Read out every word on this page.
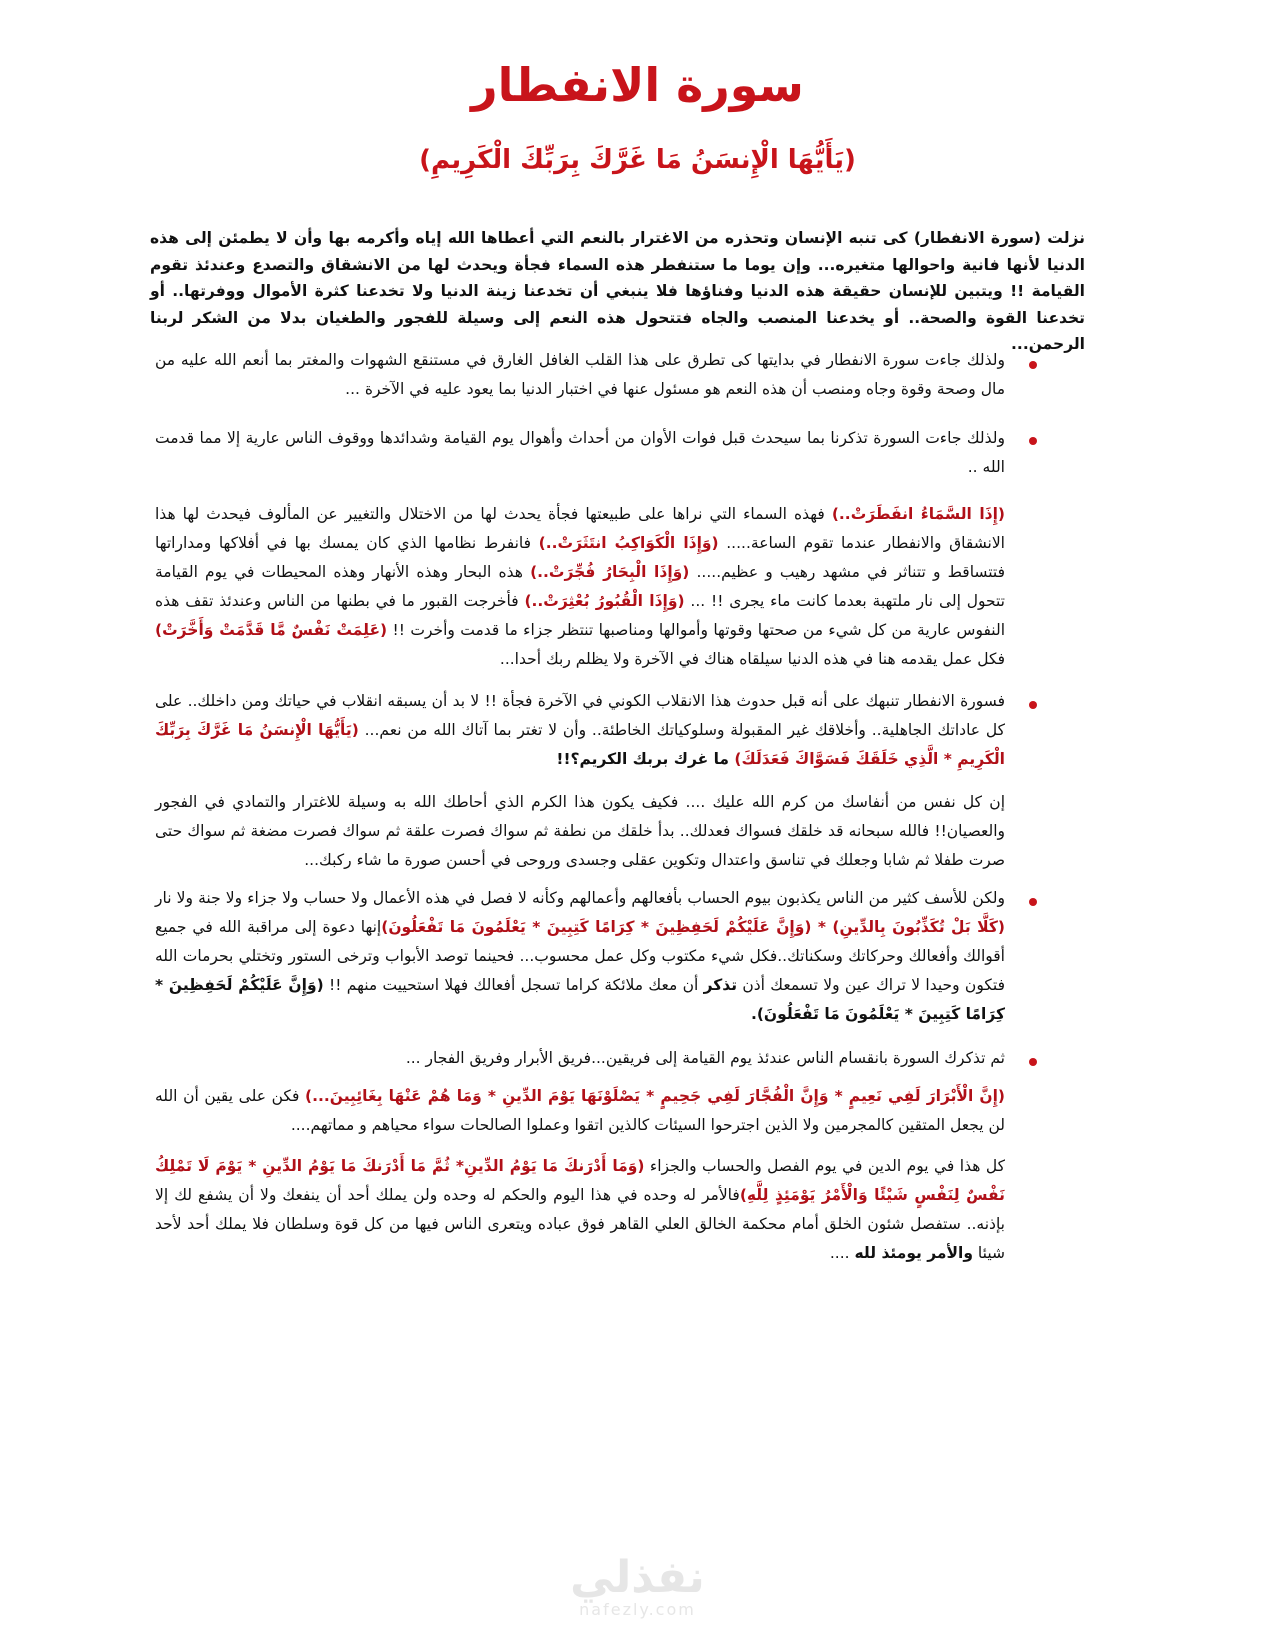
سورة الانفطار
(يَأَيُّهَا الْإِنسَنُ مَا غَرَّكَ بِرَبِّكَ الْكَرِيمِ)

نزلت (سورة الانفطار) كى تنبه الإنسان وتحذره من الاغترار بالنعم التي أعطاها الله إياه وأكرمه بها وأن لا يطمئن إلى هذه الدنيا لأنها فانية واحوالها متغيره... وإن يوما ما ستنفطر هذه السماء فجأة ويحدث لها من الانشقاق والتصدع وعندئذ تقوم القيامة !! ويتبين للإنسان حقيقة هذه الدنيا وفناؤها فلا ينبغي أن تخدعنا زينة الدنيا ولا تخدعنا كثرة الأموال ووفرتها.. أو تخدعنا القوة والصحة.. أو يخدعنا المنصب والجاه فتتحول هذه النعم إلى وسيلة للفجور والطغيان بدلا من الشكر لربنا الرحمن...

ولذلك جاءت سورة الانفطار في بدايتها كى تطرق على هذا القلب الغافل الغارق في مستنقع الشهوات والمغتر بما أنعم الله عليه من مال وصحة وقوة وجاه ومنصب أن هذه النعم هو مسئول عنها في اختبار الدنيا بما يعود عليه في الآخرة ...

ولذلك جاءت السورة تذكرنا بما سيحدث قبل فوات الأوان من أحداث وأهوال يوم القيامة وشدائدها ووقوف الناس عارية إلا مما قدمت الله ..

(إِذَا السَّمَاءُ انفَطَرَتْ..) فهذه السماء التي نراها على طبيعتها فجأة يحدث لها من الاختلال والتغيير عن المألوف فيحدث لها هذا الانشقاق والانفطار عندما تقوم الساعة..... (وَإِذَا الْكَوَاكِبُ انتَثَرَتْ..) فانفرط نظامها الذي كان يمسك بها في أفلاكها ومداراتها فتتساقط و تتناثر في مشهد رهيب و عظيم..... (وَإِذَا الْبِحَارُ فُجِّرَتْ..) هذه البحار وهذه الأنهار وهذه المحيطات في يوم القيامة تتحول إلى نار ملتهبة بعدما كانت ماء يجرى !! ... (وَإِذَا الْقُبُورُ بُعْثِرَتْ..) فأخرجت القبور ما في بطنها من الناس وعندئذ تقف هذه النفوس عارية من كل شيء من صحتها وقوتها وأموالها ومناصبها تنتظر جزاء ما قدمت وأخرت !! (عَلِمَتْ نَفْسٌ مَّا قَدَّمَتْ وَأَخَّرَتْ) فكل عمل يقدمه هنا في هذه الدنيا سيلقاه هناك في الآخرة ولا يظلم ربك أحدا...

فسورة الانفطار تنبهك على أنه قبل حدوث هذا الانقلاب الكوني في الآخرة فجأة !! لا بد أن يسبقه انقلاب في حياتك ومن داخلك.. على كل عاداتك الجاهلية.. وأخلاقك غير المقبولة وسلوكياتك الخاطئة.. وأن لا تغتر بما آتاك الله من نعم... (يَأَيُّهَا الْإِنسَنُ مَا غَرَّكَ بِرَبِّكَ الْكَرِيمِ * الَّذِي خَلَقَكَ فَسَوَّاكَ فَعَدَلَكَ) ما غرك بربك الكريم؟!!

إن كل نفس من أنفاسك من كرم الله عليك .... فكيف يكون هذا الكرم الذي أحاطك الله به وسيلة للاغترار والتمادي في الفجور والعصيان!! فالله سبحانه قد خلقك فسواك فعدلك.. بدأ خلقك من نطفة ثم سواك فصرت علقة ثم سواك فصرت مضغة ثم سواك حتى صرت طفلا ثم شابا وجعلك في تناسق واعتدال وتكوين عقلى وجسدى وروحى في أحسن صورة ما شاء ركبك...

ولكن للأسف كثير من الناس يكذبون بيوم الحساب بأفعالهم وأعمالهم وكأنه لا فصل في هذه الأعمال ولا حساب ولا جزاء ولا جنة ولا نار (كَلَّا بَلْ تُكَذِّبُونَ بِالدِّينِ) * (وَإِنَّ عَلَيْكُمْ لَحَفِظِينَ * كِرَامًا كَتِبِينَ * يَعْلَمُونَ مَا تَفْعَلُونَ)إنها دعوة إلى مراقبة الله في جميع أقوالك وأفعالك وحركاتك وسكناتك..فكل شيء مكتوب وكل عمل محسوب... فحينما توصد الأبواب وترخى الستور وتختلي بحرمات الله فتكون وحيدا لا تراك عين ولا تسمعك أذن تذكر أن معك ملائكة كراما تسجل أفعالك فهلا استحييت منهم !! (وَإِنَّ عَلَيْكُمْ لَحَفِظِينَ * كِرَامًا كَتِبِينَ * يَعْلَمُونَ مَا تَفْعَلُونَ).

ثم تذكرك السورة بانقسام الناس عندئذ يوم القيامة إلى فريقين...فريق الأبرار وفريق الفجار ...

(إِنَّ الْأَبْرَارَ لَفِي نَعِيمٍ * وَإِنَّ الْفُجَّارَ لَفِي جَحِيمٍ * يَصْلَوْنَهَا يَوْمَ الدِّينِ * وَمَا هُمْ عَنْهَا بِغَائِبِينَ...) فكن على يقين أن الله لن يجعل المتقين كالمجرمين ولا الذين اجترحوا السيئات كالذين اتقوا وعملوا الصالحات سواء محياهم و مماتهم....

كل هذا في يوم الدين في يوم الفصل والحساب والجزاء (وَمَا أَدْرَنكَ مَا يَوْمُ الدِّينِ* ثُمَّ مَا أَدْرَنكَ مَا يَوْمُ الدِّينِ * يَوْمَ لَا تَمْلِكُ نَفْسٌ لِنَفْسٍ شَيْئًا وَالْأَمْرُ يَوْمَئِذٍ لِلَّهِ)فالأمر له وحده في هذا اليوم والحكم له وحده ولن يملك أحد أن ينفعك ولا أن يشفع لك إلا بإذنه.. ستفصل شئون الخلق أمام محكمة الخالق العلي القاهر فوق عباده ويتعرى الناس فيها من كل قوة وسلطان فلا يملك أحد لأحد شيئا والأمر يومئذ لله ....

نفذلي
nafezly.com
